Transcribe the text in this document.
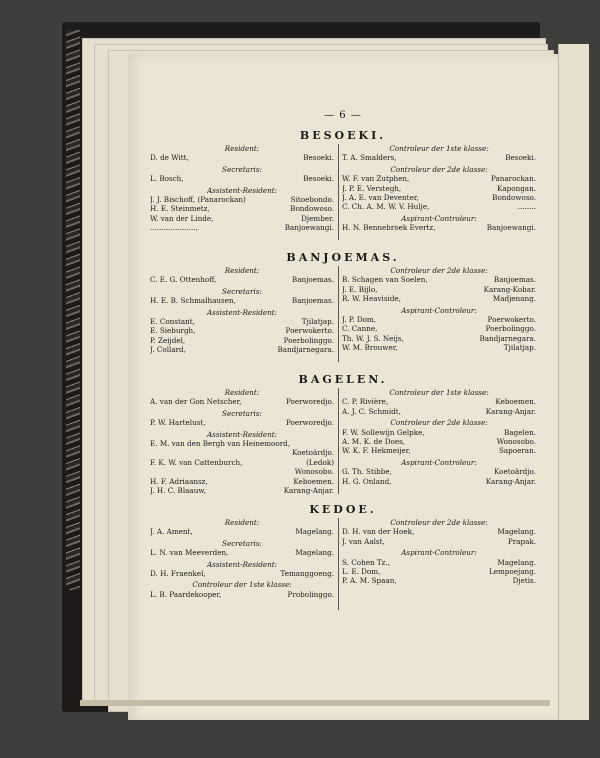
— 6 —
BESOEKI.
Resident:
D. de Witt,	Besoeki.
Secretaris:
L. Bosch,	Besoeki.
Assistent-Resident:
J. J. Bischoff, (Panarockan)	Sitoebondo.
H. E. Steinmetz,	Bondowoso.
W. van der Linde,	Djember.
....................,	Banjoewangi.
Controleur der 1ste klasse:
T. A. Smalders,	Besoeki.
Controleur der 2de klasse:
W. F. van Zutphen,	Panarockan.
J. P. E. Verstegh,	Kapongan.
J. A. E. van Deventer,	Bondowoso.
C. Ch. A. M. W. V. Hulje,	........
Aspirant-Controleur:
H. N. Bennebroek Evertz,	Banjoewangi.
BANJOEMAS.
Resident:
C. E. G. Ottenhoff,	Banjoemas.
Secretaris:
H. E. B. Schmalhausen,	Banjoemas.
Assistent-Resident:
E. Constant,	Tjilatjap.
E. Sieburgh,	Poerwokerto.
P. Zeijdel,	Poerbolinggo.
J. Collard,	Bandjarnegara.
Controleur der 2de klasse:
B. Schagen van Soelen,	Banjoemas.
J. E. Bijlo,	Karang-Kobar.
R. W. Heaviside,	Madjenang.
Aspirant-Controleur:
J. P. Dom,	Poerwokerto.
C. Canne,	Poerbolinggo.
Th. W. J. S. Neijs,	Bandjarnegara.
W. M. Brouwer,	Tjilatjap.
BAGELEN.
Resident:
A. van der Gon Netscher,	Poerworedjo.
Secretaris:
P. W. Hartelust,	Poerworedjo.
Assistent-Resident:
E. M. van den Bergh van Heinemoord,
Koetoärdjo.
F. K. W. van Cattenburch,	(Ledok)
Wonosobo.
H. F. Adriaansz,	Keboemen.
J. H. C. Blaauw,	Karang-Anjar.
Controleur der 1ste klasse:
C. P. Rivière,	Keboemen.
A. J. C. Schmidt,	Karang-Anjar.
Controleur der 2de klasse:
F. W. Sollewijn Gelpke,	Bagelen.
A. M. K. de Does,	Wonosobo.
W. K. F. Hekmeijer,	Sapoeran.
Aspirant-Controleur:
G. Th. Stibbe,	Koetoärdjo.
H. G. Onland,	Karang-Anjar.
KEDOE.
Resident:
J. A. Ament,	Magelang.
Secretaris:
L. N. van Meeverden,	Magelang.
Assistent-Resident:
D. H. Fraenkel,	Temanggoeng.
Controleur der 1ste klasse:
L. B. Paardekooper,	Probolinggo.
Controleur der 2de klasse:
D. H. van der Hoek,	Magelang.
J. van Aalst,	Prapak.
Aspirant-Controleur:
S. Cohen Tz.,	Magelang.
L. E. Dom,	Lempoejang.
P. A. M. Spaan,	Djetis.
